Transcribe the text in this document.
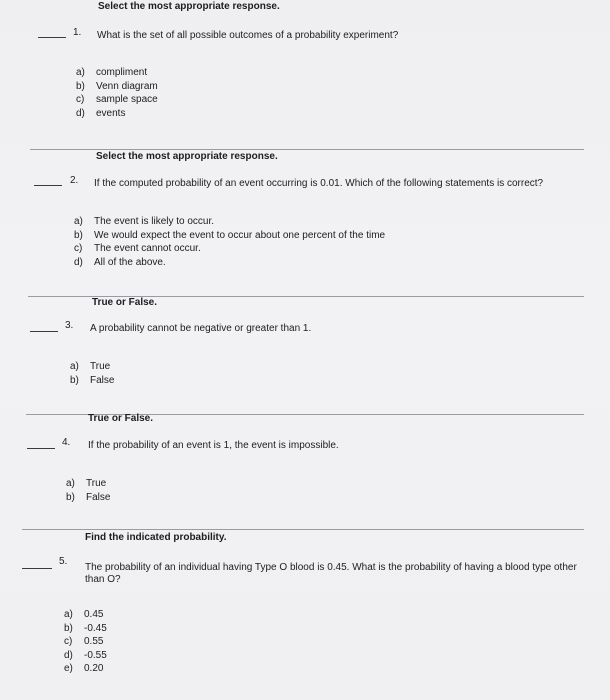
Select the most appropriate response.
1. What is the set of all possible outcomes of a probability experiment?
a) compliment
b) Venn diagram
c) sample space
d) events
Select the most appropriate response.
2. If the computed probability of an event occurring is 0.01. Which of the following statements is correct?
a) The event is likely to occur.
b) We would expect the event to occur about one percent of the time
c) The event cannot occur.
d) All of the above.
True or False.
3. A probability cannot be negative or greater than 1.
a) True
b) False
True or False.
4. If the probability of an event is 1, the event is impossible.
a) True
b) False
Find the indicated probability.
5.
The probability of an individual having Type O blood is 0.45. What is the probability of having a blood type other than O?
a) 0.45
b) -0.45
c) 0.55
d) -0.55
e) 0.20
